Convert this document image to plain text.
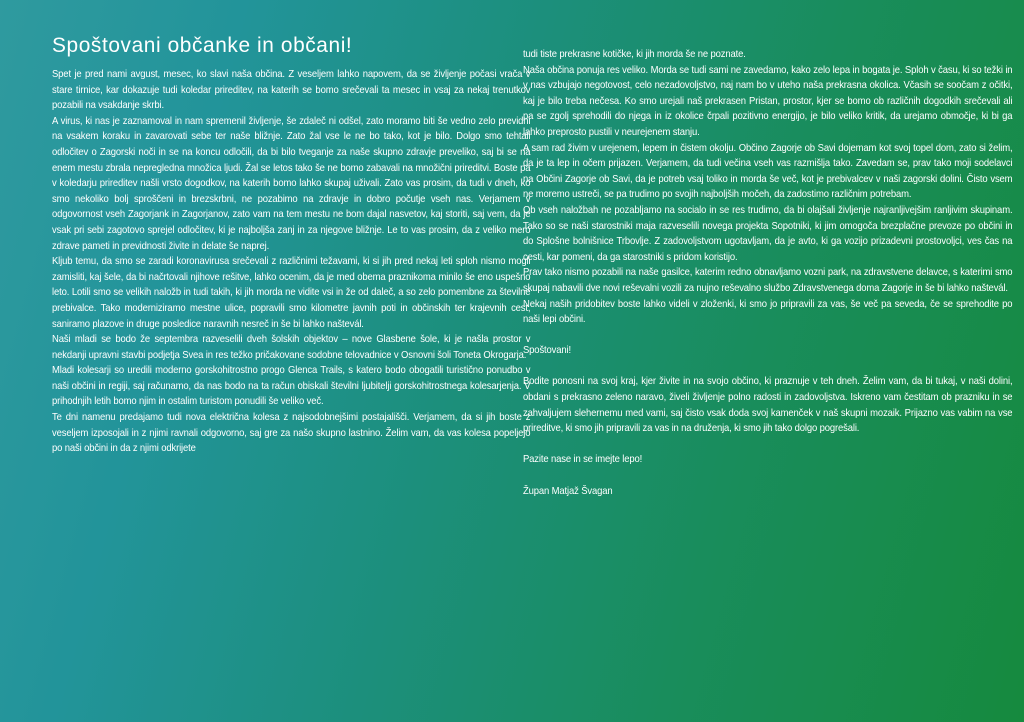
Spoštovani občanke in občani!

Spet je pred nami avgust, mesec, ko slavi naša občina. Z veseljem lahko napovem, da se življenje počasi vrača v stare tirnice, kar dokazuje tudi koledar prireditev, na katerih se bomo srečevali ta mesec in vsaj za nekaj trenutkov pozabili na vsakdanje skrbi.

A virus, ki nas je zaznamoval in nam spremenil življenje, še zdaleč ni odšel, zato moramo biti še vedno zelo previdni na vsakem koraku in zavarovati sebe ter naše bližnje. Zato žal vse le ne bo tako, kot je bilo. Dolgo smo tehtali odločitev o Zagorski noči in se na koncu odločili, da bi bilo tveganje za naše skupno zdravje preveliko, saj bi se na enem mestu zbrala nepregledna množica ljudi. Žal se letos tako še ne bomo zabavali na množični prireditvi. Boste pa v koledarju prireditev našli vrsto dogodkov, na katerih bomo lahko skupaj uživali. Zato vas prosim, da tudi v dneh, ko smo nekoliko bolj sproščeni in brezskrbni, ne pozabimo na zdravje in dobro počutje vseh nas. Verjamem v odgovornost vseh Zagorjank in Zagorjanov, zato vam na tem mestu ne bom dajal nasvetov, kaj storiti, saj vem, da je vsak pri sebi zagotovo sprejel odločitev, ki je najboljša zanj in za njegove bližnje. Le to vas prosim, da z veliko mero zdrave pameti in previdnosti živite in delate še naprej.

Kljub temu, da smo se zaradi koronavirusa srečevali z različnimi težavami, ki si jih pred nekaj leti sploh nismo mogli zamisliti, kaj šele, da bi načrtovali njihove rešitve, lahko ocenim, da je med obema praznikoma minilo še eno uspešno leto. Lotili smo se velikih naložb in tudi takih, ki jih morda ne vidite vsi in že od daleč, a so zelo pomembne za številne prebivalce. Tako moderniziramo mestne ulice, popravili smo kilometre javnih poti in občinskih ter krajevnih cest, saniramo plazove in druge posledice naravnih nesreč in še bi lahko naštevál.

Naši mladi se bodo že septembra razveselili dveh šolskih objektov – nove Glasbene šole, ki je našla prostor v nekdanji upravni stavbi podjetja Svea in res težko pričakovane sodobne telovadnice v Osnovni šoli Toneta Okrogarja.

Mladi kolesarji so uredili moderno gorskohitrostno progo Glenca Trails, s katero bodo obogatili turistično ponudbo v naši občini in regiji, saj računamo, da nas bodo na ta račun obiskali številni ljubitelji gorskohitrostnega kolesarjenja. V prihodnjih letih bomo njim in ostalim turistom ponudili še veliko več.

Te dni namenu predajamo tudi nova električna kolesa z najsodobnejšimi postajališči. Verjamem, da si jih boste z veseljem izposojali in z njimi ravnali odgovorno, saj gre za našo skupno lastnino. Želim vam, da vas kolesa popeljejo po naši občini in da z njimi odkrijete

tudi tiste prekrasne kotičke, ki jih morda še ne poznate.

Naša občina ponuja res veliko. Morda se tudi sami ne zavedamo, kako zelo lepa in bogata je. Sploh v času, ki so težki in v nas vzbujajo negotovost, celo nezadovoljstvo, naj nam bo v uteho naša prekrasna okolica. Včasih se soočam z očitki, kaj je bilo treba nečesa. Ko smo urejali naš prekrasen Pristan, prostor, kjer se bomo ob različnih dogodkih srečevali ali pa se zgolj sprehodili do njega in iz okolice črpali pozitivno energijo, je bilo veliko kritik, da urejamo območje, ki bi ga lahko preprosto pustili v neurejenem stanju.

A sam rad živim v urejenem, lepem in čistem okolju. Občino Zagorje ob Savi dojemam kot svoj topel dom, zato si želim, da je ta lep in očem prijazen. Verjamem, da tudi večina vseh vas razmišlja tako. Zavedam se, prav tako moji sodelavci na Občini Zagorje ob Savi, da je potreb vsaj toliko in morda še več, kot je prebivalcev v naši zagorski dolini. Čisto vsem ne moremo ustreči, se pa trudimo po svojih najboljših močeh, da zadostimo različnim potrebam.

Ob vseh naložbah ne pozabljamo na socialo in se res trudimo, da bi olajšali življenje najranljivejšim ranljivim skupinam. Tako so se naši starostniki maja razveselili novega projekta Sopotniki, ki jim omogoča brezplačne prevoze po občini in do Splošne bolnišnice Trbovlje. Z zadovoljstvom ugotavljam, da je avto, ki ga vozijo prizadevni prostovoljci, ves čas na cesti, kar pomeni, da ga starostniki s pridom koristijo.

Prav tako nismo pozabili na naše gasilce, katerim redno obnavljamo vozni park, na zdravstvene delavce, s katerimi smo skupaj nabavili dve novi reševalni vozili za nujno reševalno službo Zdravstvenega doma Zagorje in še bi lahko naštevál.

Nekaj naših pridobitev boste lahko videli v zloženki, ki smo jo pripravili za vas, še več pa seveda, če se sprehodite po naši lepi občini.

Spoštovani!

Bodite ponosni na svoj kraj, kjer živite in na svojo občino, ki praznuje v teh dneh. Želim vam, da bi tukaj, v naši dolini, obdani s prekrasno zeleno naravo, živeli življenje polno radosti in zadovoljstva. Iskreno vam čestitam ob prazniku in se zahvaljujem slehernemu med vami, saj čisto vsak doda svoj kamenček v naš skupni mozaik. Prijazno vas vabim na vse prireditve, ki smo jih pripravili za vas in na druženja, ki smo jih tako dolgo pogrešali.

Pazite nase in se imejte lepo!

Župan Matjaž Švagan
